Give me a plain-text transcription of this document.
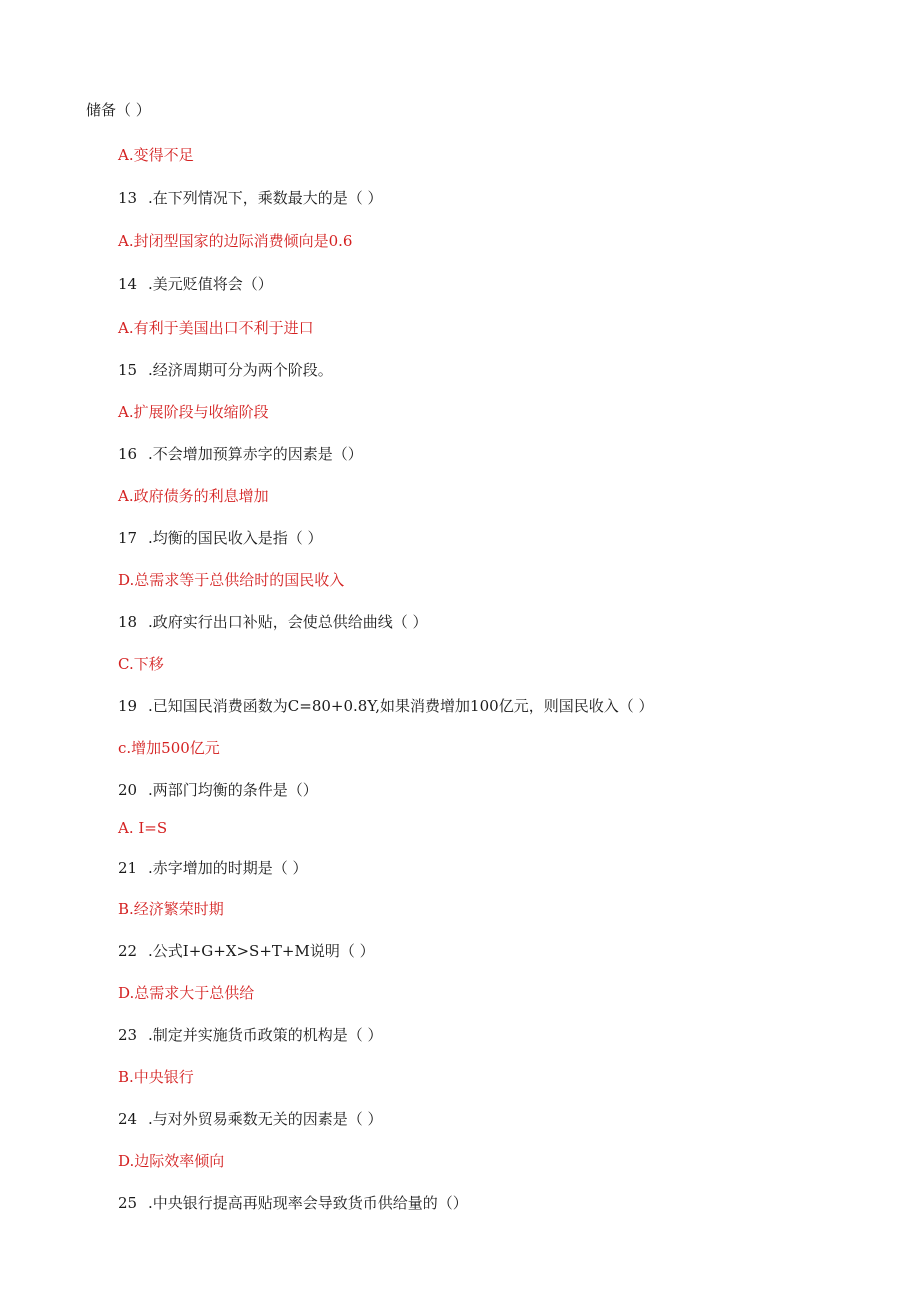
储备（ ）
A.变得不足
13 .在下列情况下，乘数最大的是（ ）
A.封闭型国家的边际消费倾向是0.6
14 .美元贬值将会（）
A.有利于美国出口不利于进口
15 .经济周期可分为两个阶段。
A.扩展阶段与收缩阶段
16 .不会增加预算赤字的因素是（）
A.政府债务的利息增加
17 .均衡的国民收入是指（ ）
D.总需求等于总供给时的国民收入
18 .政府实行出口补贴，会使总供给曲线（ ）
C.下移
19 .已知国民消费函数为C=80+0.8Y,如果消费增加100亿元，则国民收入（ ）
c.增加500亿元
20 .两部门均衡的条件是（）
A. I=S
21 .赤字增加的时期是（ ）
B.经济繁荣时期
22 .公式I+G+X>S+T+M说明（ ）
D.总需求大于总供给
23 .制定并实施货币政策的机构是（ ）
B.中央银行
24 .与对外贸易乘数无关的因素是（ ）
D.边际效率倾向
25 .中央银行提高再贴现率会导致货币供给量的（）
